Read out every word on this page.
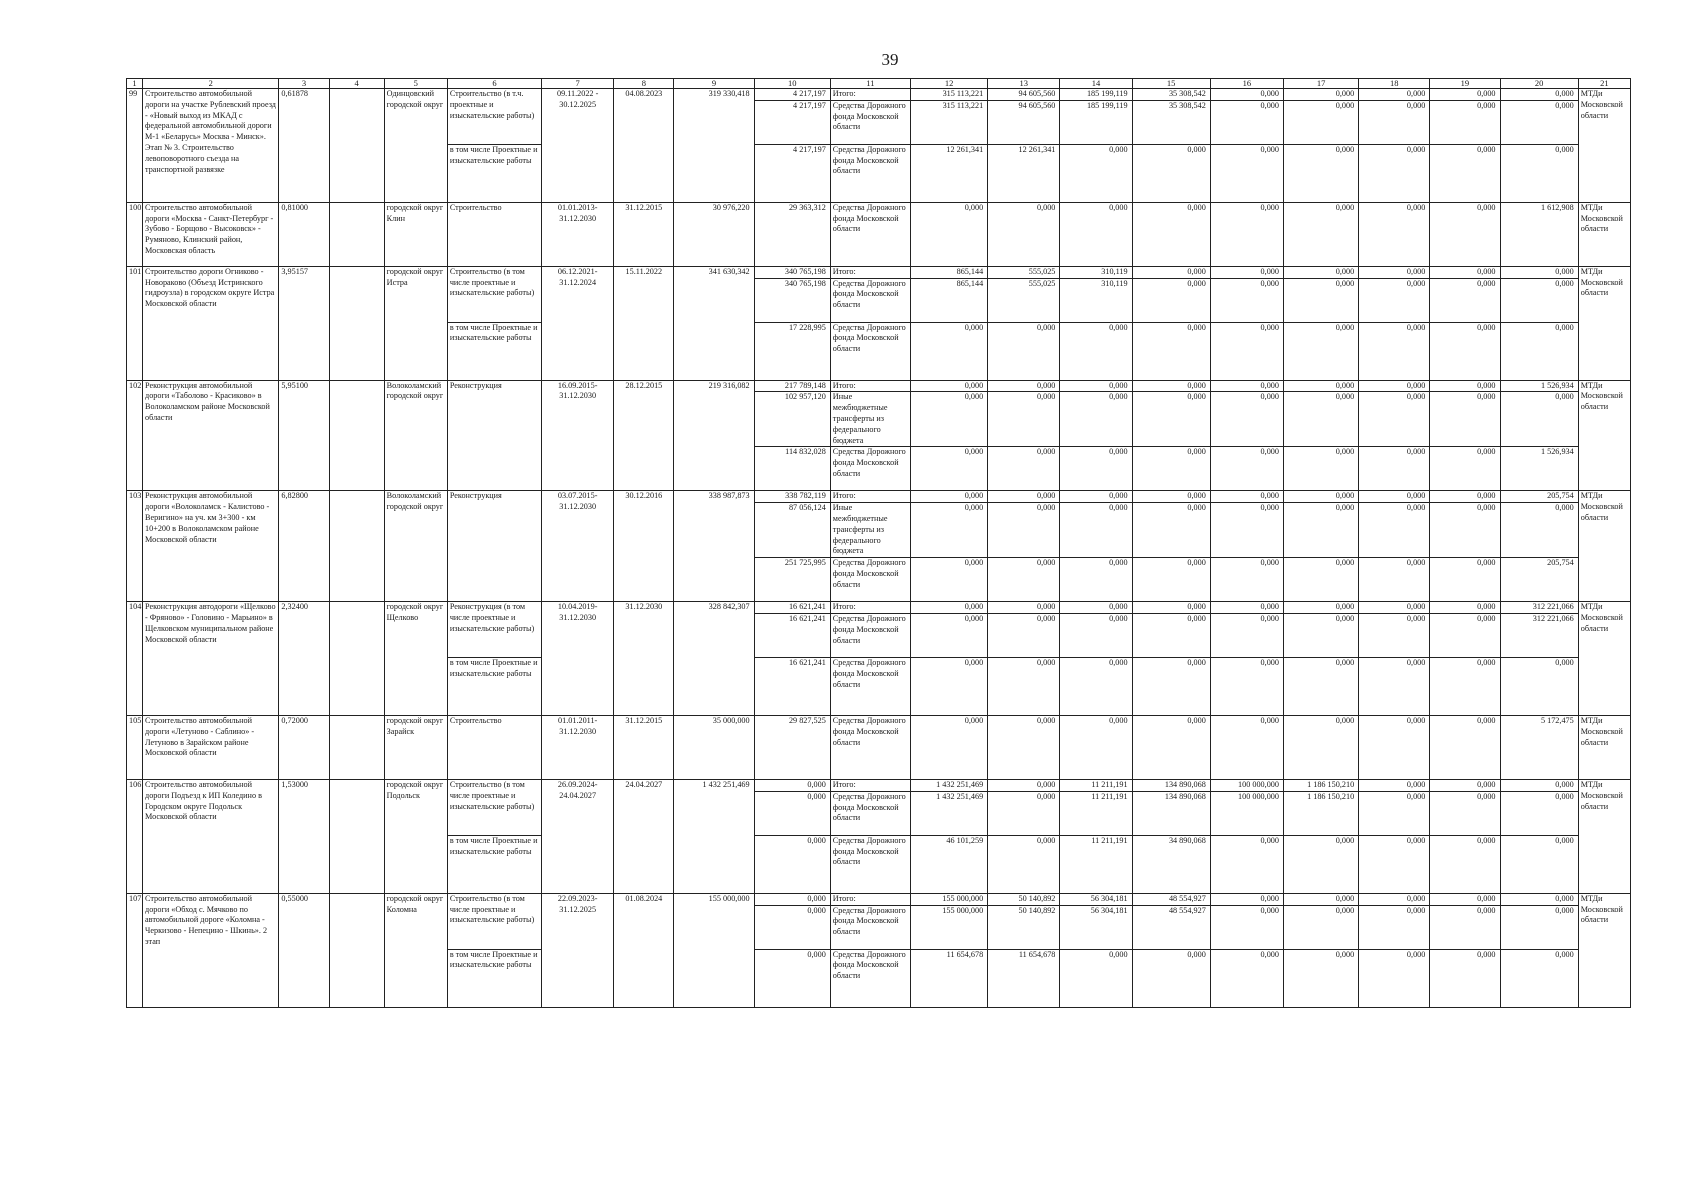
39
1	2	3	4	5	6	7	8	9	10	11	12	13	14	15	16	17	18	19	20	21
99	Строительство автомобильной дороги на участке Рублевский проезд - «Новый выход из МКАД с федеральной автомобильной дороги М-1 «Беларусь» Москва - Минск». Этап № 3. Строительство левоповоротного съезда на транспортной развязке	0,61878		Одинцовский городской округ	Строительство (в т.ч. проектные и изыскательские работы)	09.11.2022 - 30.12.2025	04.08.2023	319 330,418	4 217,197	Итого:	315 113,221	94 605,560	185 199,119	35 308,542	0,000	0,000	0,000	0,000	0,000	МТДи Московской области
									4 217,197	Средства Дорожного фонда Московской области	315 113,221	94 605,560	185 199,119	35 308,542	0,000	0,000	0,000	0,000	0,000	
					в том числе Проектные и изыскательские работы				4 217,197	Средства Дорожного фонда Московской области	12 261,341	12 261,341	0,000	0,000	0,000	0,000	0,000	0,000	0,000	
100	Строительство автомобильной дороги «Москва - Санкт-Петербург - Зубово - Борщово - Высоковск» - Румяново, Клинский район, Московская область	0,81000		городской округ Клин	Строительство	01.01.2013- 31.12.2030	31.12.2015	30 976,220	29 363,312	Средства Дорожного фонда Московской области	0,000	0,000	0,000	0,000	0,000	0,000	0,000	0,000	1 612,908	МТДи Московской области
101	Строительство дороги Огниково - Новораково (Объезд Истринского гидроузла) в городском округе Истра Московской области	3,95157		городской округ Истра	Строительство (в том числе проектные и изыскательские работы)	06.12.2021- 31.12.2024	15.11.2022	341 630,342	340 765,198	Итого:	865,144	555,025	310,119	0,000	0,000	0,000	0,000	0,000	0,000	МТДи Московской области
									340 765,198	Средства Дорожного фонда Московской области	865,144	555,025	310,119	0,000	0,000	0,000	0,000	0,000	0,000	
					в том числе Проектные и изыскательские работы				17 228,995	Средства Дорожного фонда Московской области	0,000	0,000	0,000	0,000	0,000	0,000	0,000	0,000	0,000	
102	Реконструкция автомобильной дороги «Таболово - Красиково» в Волоколамском районе Московской области	5,95100		Волоколамский городской округ	Реконструкция	16.09.2015- 31.12.2030	28.12.2015	219 316,082	217 789,148	Итого:	0,000	0,000	0,000	0,000	0,000	0,000	0,000	0,000	1 526,934	МТДи Московской области
									102 957,120	Иные межбюджетные трансферты из федерального бюджета	0,000	0,000	0,000	0,000	0,000	0,000	0,000	0,000	0,000	
									114 832,028	Средства Дорожного фонда Московской области	0,000	0,000	0,000	0,000	0,000	0,000	0,000	0,000	1 526,934	
103	Реконструкция автомобильной дороги «Волоколамск - Калистово - Веригино» на уч. км 3+300 - км 10+200 в Волоколамском районе Московской области	6,82800		Волоколамский городской округ	Реконструкция	03.07.2015- 31.12.2030	30.12.2016	338 987,873	338 782,119	Итого:	0,000	0,000	0,000	0,000	0,000	0,000	0,000	0,000	205,754	МТДи Московской области
									87 056,124	Иные межбюджетные трансферты из федерального бюджета	0,000	0,000	0,000	0,000	0,000	0,000	0,000	0,000	0,000	
									251 725,995	Средства Дорожного фонда Московской области	0,000	0,000	0,000	0,000	0,000	0,000	0,000	0,000	205,754	
104	Реконструкция автодороги «Щелково - Фряново» - Головино - Марьино» в Щелковском муниципальном районе Московской области	2,32400		городской округ Щелково	Реконструкция (в том числе проектные и изыскательские работы)	10.04.2019- 31.12.2030	31.12.2030	328 842,307	16 621,241	Итого:	0,000	0,000	0,000	0,000	0,000	0,000	0,000	0,000	312 221,066	МТДи Московской области
									16 621,241	Средства Дорожного фонда Московской области	0,000	0,000	0,000	0,000	0,000	0,000	0,000	0,000	312 221,066	
					в том числе Проектные и изыскательские работы				16 621,241	Средства Дорожного фонда Московской области	0,000	0,000	0,000	0,000	0,000	0,000	0,000	0,000	0,000	
105	Строительство автомобильной дороги «Летуново - Саблино» - Летуново в Зарайском районе Московской области	0,72000		городской округ Зарайск	Строительство	01.01.2011- 31.12.2030	31.12.2015	35 000,000	29 827,525	Средства Дорожного фонда Московской области	0,000	0,000	0,000	0,000	0,000	0,000	0,000	0,000	5 172,475	МТДи Московской области
106	Строительство автомобильной дороги Подъезд к ИП Коледино в Городском округе Подольск Московской области	1,53000		городской округ Подольск	Строительство (в том числе проектные и изыскательские работы)	26.09.2024- 24.04.2027	24.04.2027	1 432 251,469	0,000	Итого:	1 432 251,469	0,000	11 211,191	134 890,068	100 000,000	1 186 150,210	0,000	0,000	0,000	МТДи Московской области
									0,000	Средства Дорожного фонда Московской области	1 432 251,469	0,000	11 211,191	134 890,068	100 000,000	1 186 150,210	0,000	0,000	0,000	
					в том числе Проектные и изыскательские работы				0,000	Средства Дорожного фонда Московской области	46 101,259	0,000	11 211,191	34 890,068	0,000	0,000	0,000	0,000	0,000	
107	Строительство автомобильной дороги «Обход с. Мячково по автомобильной дороге «Коломна - Черкизово - Непецино - Шкинь». 2 этап	0,55000		городской округ Коломна	Строительство (в том числе проектные и изыскательские работы)	22.09.2023- 31.12.2025	01.08.2024	155 000,000	0,000	Итого:	155 000,000	50 140,892	56 304,181	48 554,927	0,000	0,000	0,000	0,000	0,000	МТДи Московской области
									0,000	Средства Дорожного фонда Московской области	155 000,000	50 140,892	56 304,181	48 554,927	0,000	0,000	0,000	0,000	0,000	
					в том числе Проектные и изыскательские работы				0,000	Средства Дорожного фонда Московской области	11 654,678	11 654,678	0,000	0,000	0,000	0,000	0,000	0,000	0,000	
